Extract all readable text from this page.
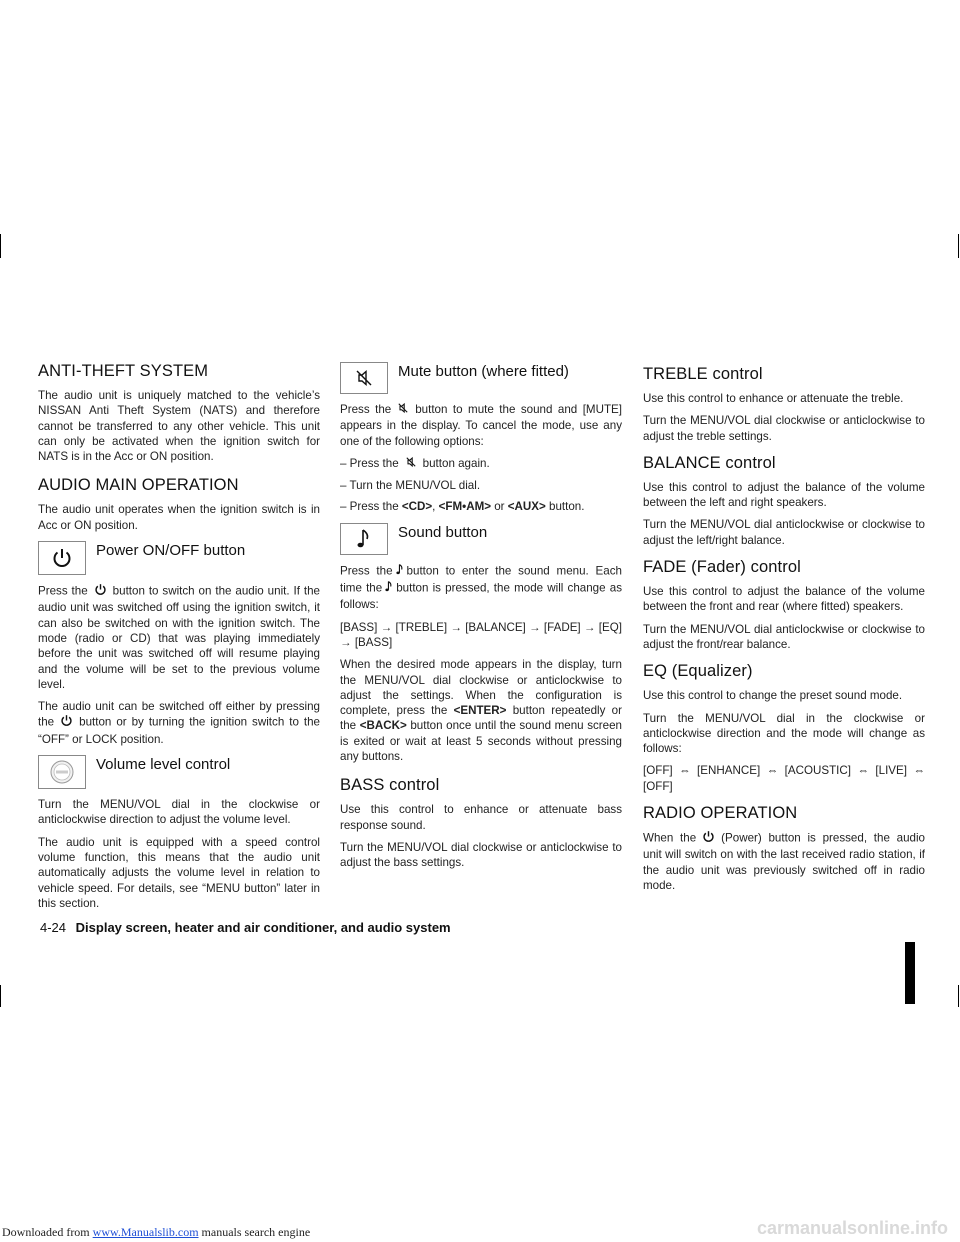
ANTI-THEFT SYSTEM

The audio unit is uniquely matched to the vehicle’s NISSAN Anti Theft System (NATS) and therefore cannot be transferred to any other vehicle. This unit can only be activated when the ignition switch for NATS is in the Acc or ON position.

AUDIO MAIN OPERATION

The audio unit operates when the ignition switch is in Acc or ON position.

Power ON/OFF button

Press the button to switch on the audio unit. If the audio unit was switched off using the ignition switch, it can also be switched on with the ignition switch. The mode (radio or CD) that was playing immediately before the unit was switched off will resume playing and the volume will be set to the previous volume level.

The audio unit can be switched off either by pressing the button or by turning the ignition switch to the “OFF” or LOCK position.

Volume level control

Turn the MENU/VOL dial in the clockwise or anticlockwise direction to adjust the volume level.

The audio unit is equipped with a speed control volume function, this means that the audio unit automatically adjusts the volume level in relation to vehicle speed. For details, see “MENU button” later in this section.

Mute button (where fitted)

Press the button to mute the sound and [MUTE] appears in the display. To cancel the mode, use any one of the following options:

– Press the button again.

– Turn the MENU/VOL dial.

– Press the <CD>, <FM•AM> or <AUX> button.

Sound button

Press the button to enter the sound menu. Each time the button is pressed, the mode will change as follows:

[BASS] → [TREBLE] → [BALANCE] → [FADE] → [EQ] → [BASS]

When the desired mode appears in the display, turn the MENU/VOL dial clockwise or anticlockwise to adjust the settings. When the configuration is complete, press the <ENTER> button repeatedly or the <BACK> button once until the sound menu screen is exited or wait at least 5 seconds without pressing any buttons.

BASS control

Use this control to enhance or attenuate bass response sound.

Turn the MENU/VOL dial clockwise or anticlockwise to adjust the bass settings.

TREBLE control

Use this control to enhance or attenuate the treble.

Turn the MENU/VOL dial clockwise or anticlockwise to adjust the treble settings.

BALANCE control

Use this control to adjust the balance of the volume between the left and right speakers.

Turn the MENU/VOL dial anticlockwise or clockwise to adjust the left/right balance.

FADE (Fader) control

Use this control to adjust the balance of the volume between the front and rear (where fitted) speakers.

Turn the MENU/VOL dial anticlockwise or clockwise to adjust the front/rear balance.

EQ (Equalizer)

Use this control to change the preset sound mode.

Turn the MENU/VOL dial in the clockwise or anticlockwise direction and the mode will change as follows:

[OFF] ⇔ [ENHANCE] ⇔ [ACOUSTIC] ⇔ [LIVE] ⇔ [OFF]

RADIO OPERATION

When the (Power) button is pressed, the audio unit will switch on with the last received radio station, if the audio unit was previously switched off in radio mode.

4-24 Display screen, heater and air conditioner, and audio system
Downloaded from www.Manualslib.com manuals search engine	carmanualsonline.info
